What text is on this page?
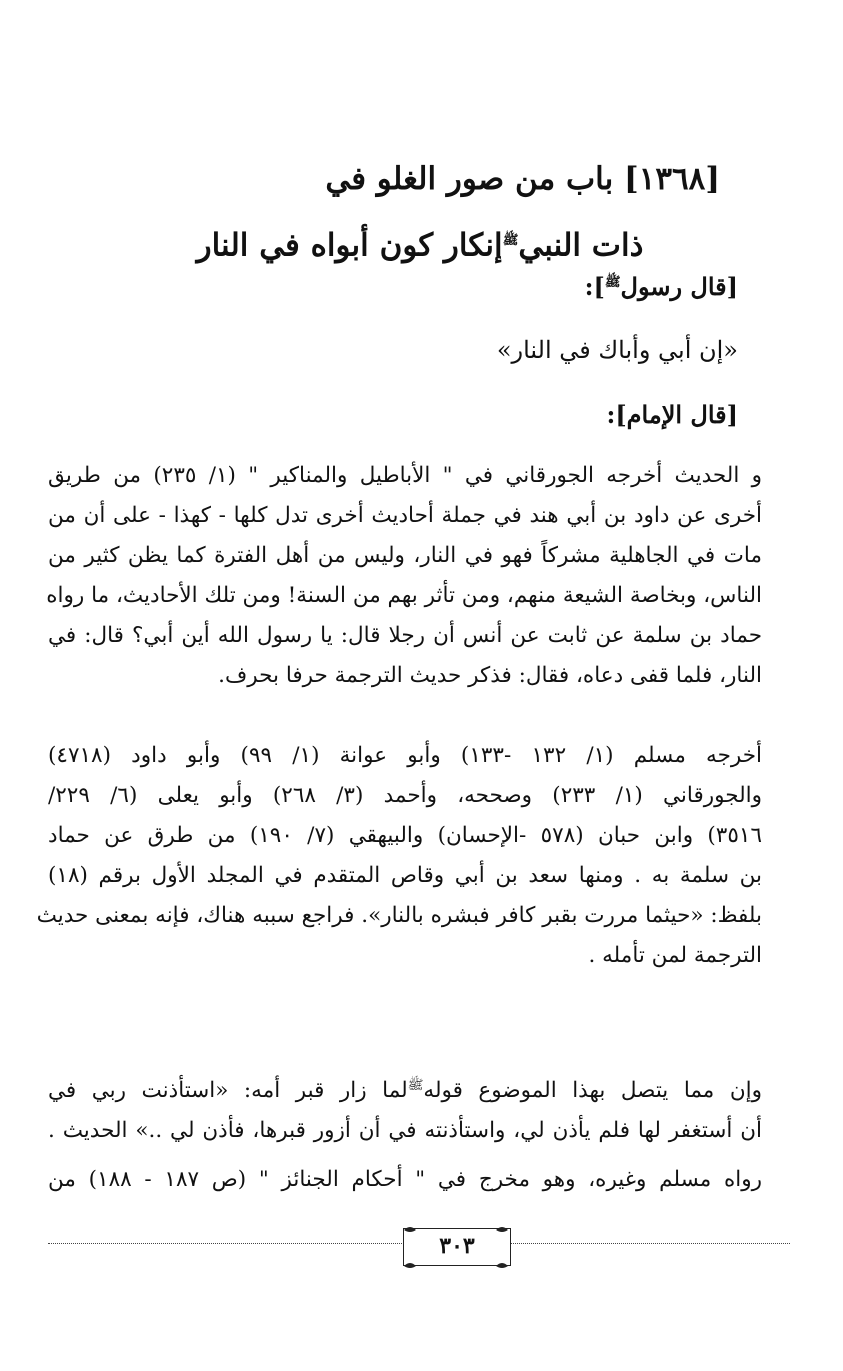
[١٣٦٨] باب من صور الغلو في
ذات النبي$^ﷺ$إنكار كون أبواه في النار
[قال رسول$^ﷺ$]:
«إن أبي وأباك في النار»
[قال الإمام]:
و الحديث أخرجه الجورقاني في " الأباطيل والمناكير " (١/ ٢٣٥) من طريق
أخرى عن داود بن أبي هند في جملة أحاديث أخرى تدل كلها - كهذا - على أن من
مات في الجاهلية مشركاً فهو في النار، وليس من أهل الفترة كما يظن كثير من
الناس، وبخاصة الشيعة منهم، ومن تأثر بهم من السنة! ومن تلك الأحاديث، ما رواه
حماد بن سلمة عن ثابت عن أنس أن رجلا قال: يا رسول الله أين أبي؟ قال: في
النار، فلما قفى دعاه، فقال: فذكر حديث الترجمة حرفا بحرف.
أخرجه مسلم (١/ ١٣٢ -١٣٣) وأبو عوانة (١/ ٩٩) وأبو داود (٤٧١٨)
والجورقاني (١/ ٢٣٣) وصححه، وأحمد (٣/ ٢٦٨) وأبو يعلى (٦/ ٢٢٩/
٣٥١٦) وابن حبان (٥٧٨ -الإحسان) والبيهقي (٧/ ١٩٠) من طرق عن حماد
بن سلمة به . ومنها سعد بن أبي وقاص المتقدم في المجلد الأول برقم (١٨)
بلفظ: «حيثما مررت بقبر كافر فبشره بالنار». فراجع سببه هناك، فإنه بمعنى حديث
الترجمة لمن تأمله .
وإن مما يتصل بهذا الموضوع قوله$^ﷺ$لما زار قبر أمه: «استأذنت ربي في
أن أستغفر لها فلم يأذن لي، واستأذنته في أن أزور قبرها، فأذن لي ..» الحديث .
رواه مسلم وغيره، وهو مخرج في " أحكام الجنائز " (ص ١٨٧ - ١٨٨) من
٣٠٣
